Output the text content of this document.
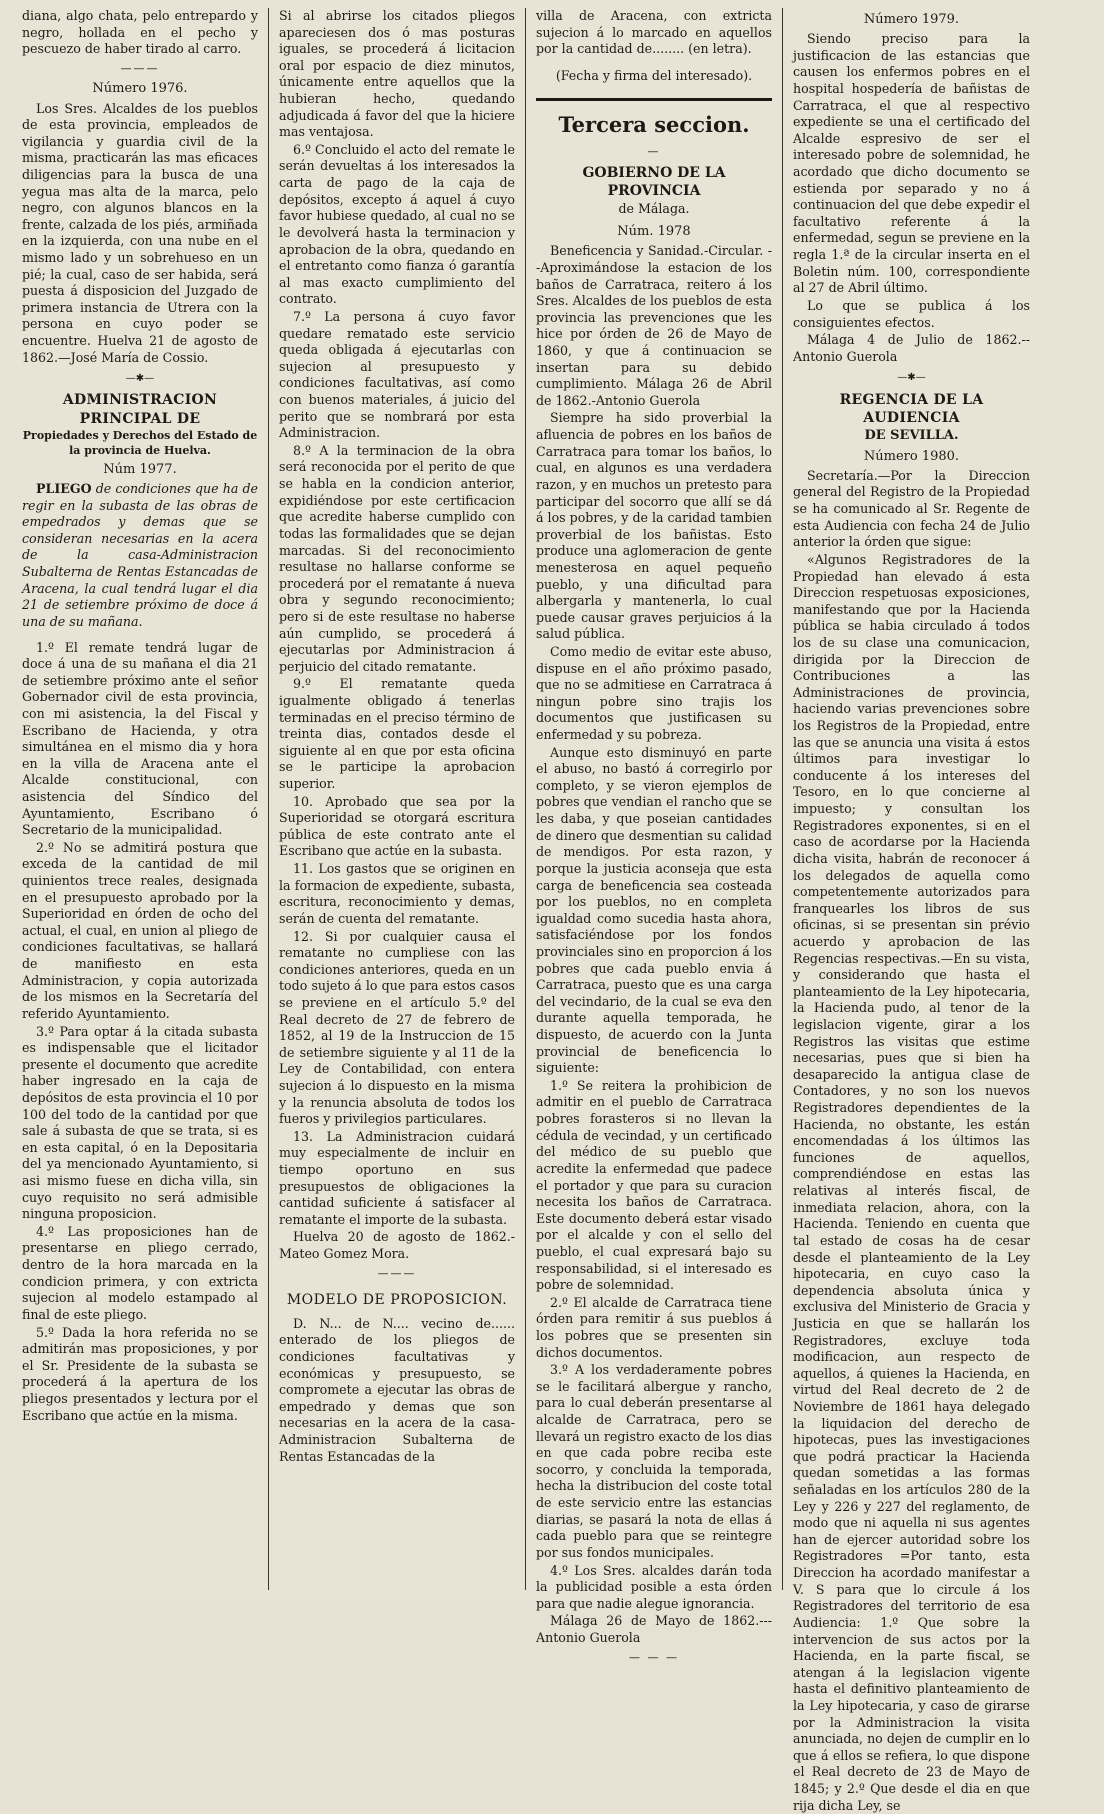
diana, algo chata, pelo entrepardo y negro, hollada en el pecho y pescuezo de haber tirado al carro.

———
Número 1976.

Los Sres. Alcaldes de los pueblos de esta provincia, empleados de vigilancia y guardia civil de la misma, practicarán las mas eficaces diligencias para la busca de una yegua mas alta de la marca, pelo negro, con algunos blancos en la frente, calzada de los piés, armiñada en la izquierda, con una nube en el mismo lado y un sobrehueso en un pié; la cual, caso de ser habida, será puesta á disposicion del Juzgado de primera instancia de Utrera con la persona en cuyo poder se encuentre. Huelva 21 de agosto de 1862.—José María de Cossio.

—✱—
ADMINISTRACION PRINCIPAL DE
Propiedades y Derechos del Estado de
la provincia de Huelva.
Núm 1977.

PLIEGO de condiciones que ha de regir en la subasta de las obras de empedrados y demas que se consideran necesarias en la acera de la casa-Administracion Subalterna de Rentas Estancadas de Aracena, la cual tendrá lugar el dia 21 de setiembre próximo de doce á una de su mañana.

1.º El remate tendrá lugar de doce á una de su mañana el dia 21 de setiembre próximo ante el señor Gobernador civil de esta provincia, con mi asistencia, la del Fiscal y Escribano de Hacienda, y otra simultánea en el mismo dia y hora en la villa de Aracena ante el Alcalde constitucional, con asistencia del Síndico del Ayuntamiento, Escribano ó Secretario de la municipalidad.

2.º No se admitirá postura que exceda de la cantidad de mil quinientos trece reales, designada en el presupuesto aprobado por la Superioridad en órden de ocho del actual, el cual, en union al pliego de condiciones facultativas, se hallará de manifiesto en esta Administracion, y copia autorizada de los mismos en la Secretaría del referido Ayuntamiento.

3.º Para optar á la citada subasta es indispensable que el licitador presente el documento que acredite haber ingresado en la caja de depósitos de esta provincia el 10 por 100 del todo de la cantidad por que sale á subasta de que se trata, si es en esta capital, ó en la Depositaria del ya mencionado Ayuntamiento, si asi mismo fuese en dicha villa, sin cuyo requisito no será admisible ninguna proposicion.

4.º Las proposiciones han de presentarse en pliego cerrado, dentro de la hora marcada en la condicion primera, y con extricta sujecion al modelo estampado al final de este pliego.

5.º Dada la hora referida no se admitirán mas proposiciones, y por el Sr. Presidente de la subasta se procederá á la apertura de los pliegos presentados y lectura por el Escribano que actúe en la misma.

Si al abrirse los citados pliegos apareciesen dos ó mas posturas iguales, se procederá á licitacion oral por espacio de diez minutos, únicamente entre aquellos que la hubieran hecho, quedando adjudicada á favor del que la hiciere mas ventajosa.

6.º Concluido el acto del remate le serán devueltas á los interesados la carta de pago de la caja de depósitos, excepto á aquel á cuyo favor hubiese quedado, al cual no se le devolverá hasta la terminacion y aprobacion de la obra, quedando en el entretanto como fianza ó garantía al mas exacto cumplimiento del contrato.

7.º La persona á cuyo favor quedare rematado este servicio queda obligada á ejecutarlas con sujecion al presupuesto y condiciones facultativas, así como con buenos materiales, á juicio del perito que se nombrará por esta Administracion.

8.º A la terminacion de la obra será reconocida por el perito de que se habla en la condicion anterior, expidiéndose por este certificacion que acredite haberse cumplido con todas las formalidades que se dejan marcadas. Si del reconocimiento resultase no hallarse conforme se procederá por el rematante á nueva obra y segundo reconocimiento; pero si de este resultase no haberse aún cumplido, se procederá á ejecutarlas por Administracion á perjuicio del citado rematante.

9.º El rematante queda igualmente obligado á tenerlas terminadas en el preciso término de treinta dias, contados desde el siguiente al en que por esta oficina se le participe la aprobacion superior.

10. Aprobado que sea por la Superioridad se otorgará escritura pública de este contrato ante el Escribano que actúe en la subasta.

11. Los gastos que se originen en la formacion de expediente, subasta, escritura, reconocimiento y demas, serán de cuenta del rematante.

12. Si por cualquier causa el rematante no cumpliese con las condiciones anteriores, queda en un todo sujeto á lo que para estos casos se previene en el artículo 5.º del Real decreto de 27 de febrero de 1852, al 19 de la Instruccion de 15 de setiembre siguiente y al 11 de la Ley de Contabilidad, con entera sujecion á lo dispuesto en la misma y la renuncia absoluta de todos los fueros y privilegios particulares.

13. La Administracion cuidará muy especialmente de incluir en tiempo oportuno en sus presupuestos de obligaciones la cantidad suficiente á satisfacer al rematante el importe de la subasta.

Huelva 20 de agosto de 1862.-Mateo Gomez Mora.

———
MODELO DE PROPOSICION.

D. N... de N.... vecino de...... enterado de los pliegos de condiciones facultativas y económicas y presupuesto, se compromete a ejecutar las obras de empedrado y demas que son necesarias en la acera de la casa-Administracion Subalterna de Rentas Estancadas de la

villa de Aracena, con extricta sujecion á lo marcado en aquellos por la cantidad de........ (en letra).

(Fecha y firma del interesado).

Tercera seccion.
—
GOBIERNO DE LA PROVINCIA
de Málaga.
Núm. 1978

Beneficencia y Sanidad.-Circular. --Aproximándose la estacion de los baños de Carratraca, reitero á los Sres. Alcaldes de los pueblos de esta provincia las prevenciones que les hice por órden de 26 de Mayo de 1860, y que á continuacion se insertan para su debido cumplimiento. Málaga 26 de Abril de 1862.-Antonio Guerola

Siempre ha sido proverbial la afluencia de pobres en los baños de Carratraca para tomar los baños, lo cual, en algunos es una verdadera razon, y en muchos un pretesto para participar del socorro que allí se dá á los pobres, y de la caridad tambien proverbial de los bañistas. Esto produce una aglomeracion de gente menesterosa en aquel pequeño pueblo, y una dificultad para albergarla y mantenerla, lo cual puede causar graves perjuicios á la salud pública.

Como medio de evitar este abuso, dispuse en el año próximo pasado, que no se admitiese en Carratraca á ningun pobre sino trajis los documentos que justificasen su enfermedad y su pobreza.

Aunque esto disminuyó en parte el abuso, no bastó á corregirlo por completo, y se vieron ejemplos de pobres que vendian el rancho que se les daba, y que poseian cantidades de dinero que desmentian su calidad de mendigos. Por esta razon, y porque la justicia aconseja que esta carga de beneficencia sea costeada por los pueblos, no en completa igualdad como sucedia hasta ahora, satisfaciéndose por los fondos provinciales sino en proporcion á los pobres que cada pueblo envia á Carratraca, puesto que es una carga del vecindario, de la cual se eva den durante aquella temporada, he dispuesto, de acuerdo con la Junta provincial de beneficencia lo siguiente:

1.º Se reitera la prohibicion de admitir en el pueblo de Carratraca pobres forasteros si no llevan la cédula de vecindad, y un certificado del médico de su pueblo que acredite la enfermedad que padece el portador y que para su curacion necesita los baños de Carratraca. Este documento deberá estar visado por el alcalde y con el sello del pueblo, el cual expresará bajo su responsabilidad, si el interesado es pobre de solemnidad.

2.º El alcalde de Carratraca tiene órden para remitir á sus pueblos á los pobres que se presenten sin dichos documentos.

3.º A los verdaderamente pobres se le facilitará albergue y rancho, para lo cual deberán presentarse al alcalde de Carratraca, pero se llevará un registro exacto de los dias en que cada pobre reciba este socorro, y concluida la temporada, hecha la distribucion del coste total de este servicio entre las estancias diarias, se pasará la nota de ellas á cada pueblo para que se reintegre por sus fondos municipales.

4.º Los Sres. alcaldes darán toda la publicidad posible a esta órden para que nadie alegue ignorancia.

Málaga 26 de Mayo de 1862.--- Antonio Guerola

— — —
Número 1979.

Siendo preciso para la justificacion de las estancias que causen los enfermos pobres en el hospital hospedería de bañistas de Carratraca, el que al respectivo expediente se una el certificado del Alcalde espresivo de ser el interesado pobre de solemnidad, he acordado que dicho documento se estienda por separado y no á continuacion del que debe expedir el facultativo referente á la enfermedad, segun se previene en la regla 1.ª de la circular inserta en el Boletin núm. 100, correspondiente al 27 de Abril último.

Lo que se publica á los consiguientes efectos.

Málaga 4 de Julio de 1862.--Antonio Guerola

—✱—
REGENCIA DE LA AUDIENCIA
DE SEVILLA.
Número 1980.

Secretaría.—Por la Direccion general del Registro de la Propiedad se ha comunicado al Sr. Regente de esta Audiencia con fecha 24 de Julio anterior la órden que sigue:

«Algunos Registradores de la Propiedad han elevado á esta Direccion respetuosas exposiciones, manifestando que por la Hacienda pública se habia circulado á todos los de su clase una comunicacion, dirigida por la Direccion de Contribuciones a las Administraciones de provincia, haciendo varias prevenciones sobre los Registros de la Propiedad, entre las que se anuncia una visita á estos últimos para investigar lo conducente á los intereses del Tesoro, en lo que concierne al impuesto; y consultan los Registradores exponentes, si en el caso de acordarse por la Hacienda dicha visita, habrán de reconocer á los delegados de aquella como competentemente autorizados para franquearles los libros de sus oficinas, si se presentan sin prévio acuerdo y aprobacion de las Regencias respectivas.—En su vista, y considerando que hasta el planteamiento de la Ley hipotecaria, la Hacienda pudo, al tenor de la legislacion vigente, girar a los Registros las visitas que estime necesarias, pues que si bien ha desaparecido la antigua clase de Contadores, y no son los nuevos Registradores dependientes de la Hacienda, no obstante, les están encomendadas á los últimos las funciones de aquellos, comprendiéndose en estas las relativas al interés fiscal, de inmediata relacion, ahora, con la Hacienda. Teniendo en cuenta que tal estado de cosas ha de cesar desde el planteamiento de la Ley hipotecaria, en cuyo caso la dependencia absoluta única y exclusiva del Ministerio de Gracia y Justicia en que se hallarán los Registradores, excluye toda modificacion, aun respecto de aquellos, á quienes la Hacienda, en virtud del Real decreto de 2 de Noviembre de 1861 haya delegado la liquidacion del derecho de hipotecas, pues las investigaciones que podrá practicar la Hacienda quedan sometidas a las formas señaladas en los artículos 280 de la Ley y 226 y 227 del reglamento, de modo que ni aquella ni sus agentes han de ejercer autoridad sobre los Registradores =Por tanto, esta Direccion ha acordado manifestar a V. S para que lo circule á los Registradores del territorio de esa Audiencia: 1.º Que sobre la intervencion de sus actos por la Hacienda, en la parte fiscal, se atengan á la legislacion vigente hasta el definitivo planteamiento de la Ley hipotecaria, y caso de girarse por la Administracion la visita anunciada, no dejen de cumplir en lo que á ellos se refiera, lo que dispone el Real decreto de 23 de Mayo de 1845; y 2.º Que desde el dia en que rija dicha Ley, se
